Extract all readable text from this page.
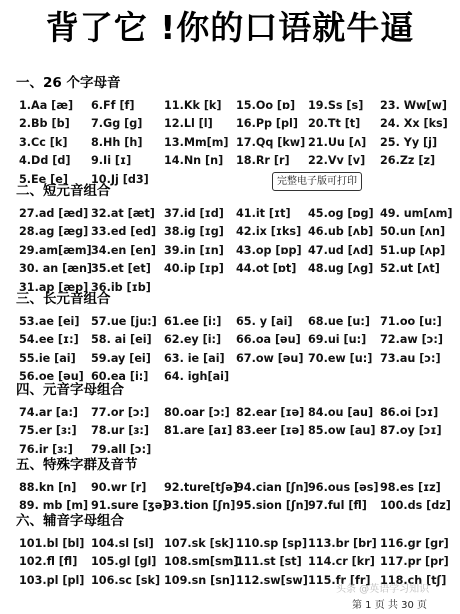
背了它 !你的口语就牛逼
一、26 个字母音
1.Aa [æ] 6.Ff [f]	11.Kk [k] 15.Oo [ɒ] 19.Ss [s] 23. Ww[w]
2.Bb [b] 7.Gg [g] 12.Ll [l] 16.Pp [pl] 20.Tt [t] 24. Xx [ks]
3.Cc [k] 8.Hh [h] 13.Mm[m] 17.Qq [kw] 21.Uu [ʌ] 25. Yy [j]
4.Dd [d] 9.Ii [ɪ]	14.Nn [n] 18.Rr [r] 22.Vv [v] 26.Zz [z]
5.Ee [e] 10.Jj [d3]
二、短元音组合
27.ad [æd] 32.at [æt] 37.id [ɪd] 41.it [ɪt] 45.og [ɒg] 49. um[ʌm]
28.ag [æg] 33.ed [ed] 38.ig [ɪg] 42.ix [ɪks] 46.ub [ʌb] 50.un [ʌn]
29.am[æm] 34.en [en] 39.in [ɪn] 43.op [ɒp] 47.ud [ʌd] 51.up [ʌp]
30. an [æn]
35.et [et] 40.ip [ɪp] 44.ot [ɒt] 48.ug [ʌg] 52.ut [ʌt]
31.ap [æp] 36.ib [ɪb]
三、长元音组合
53.ae [ei] 57.ue [ju:] 61.ee [i:] 65. y [ai] 68.ue [u:] 71.oo [u:]
54.ee [ɪ:] 58. ai [ei] 62.ey [i:] 66.oa [əu] 69.ui [u:] 72.aw [ɔ:]
55.ie [ai] 59.ay [ei] 63. ie [ai] 67.ow [əu] 70.ew [u:] 73.au [ɔ:]
56.oe [əu] 60.ea [i:] 64. igh[ai]
四、元音字母组合
74.ar [a:] 77.or [ɔ:] 80.oar [ɔ:] 82.ear [ɪə] 84.ou [au] 86.oi [ɔɪ]
75.er [ɜ:] 78.ur [ɜ:] 81.are [aɪ] 83.eer [ɪə] 85.ow [au] 87.oy [ɔɪ]
76.ir [ɜ:] 79.all [ɔ:]
五、特殊字群及音节
88.kn [n] 90.wr [r] 92.ture[tʃə]
94.cian [ʃn] 96.ous [əs] 98.es [ɪz]
89. mb [m] 91.sure [ʒə]
93.tion [ʃn] 95.sion [ʃn] 97.ful [fl] 100.ds [dz]
六、辅音字母组合
101.bl [bl] 104.sl [sl] 107.sk [sk] 110.sp [sp] 113.br [br] 116.gr [gr]
102.fl [fl] 105.gl [gl] 108.sm[sm]
111.st [st] 114.cr [kr] 117.pr [pr]
103.pl [pl] 106.sc [sk] 109.sn [sn] 112.sw[sw] 115.fr [fr] 118.ch [tʃ]
完整电子版可打印
头条 @英语学习知识
第 1 页 共 30 页
